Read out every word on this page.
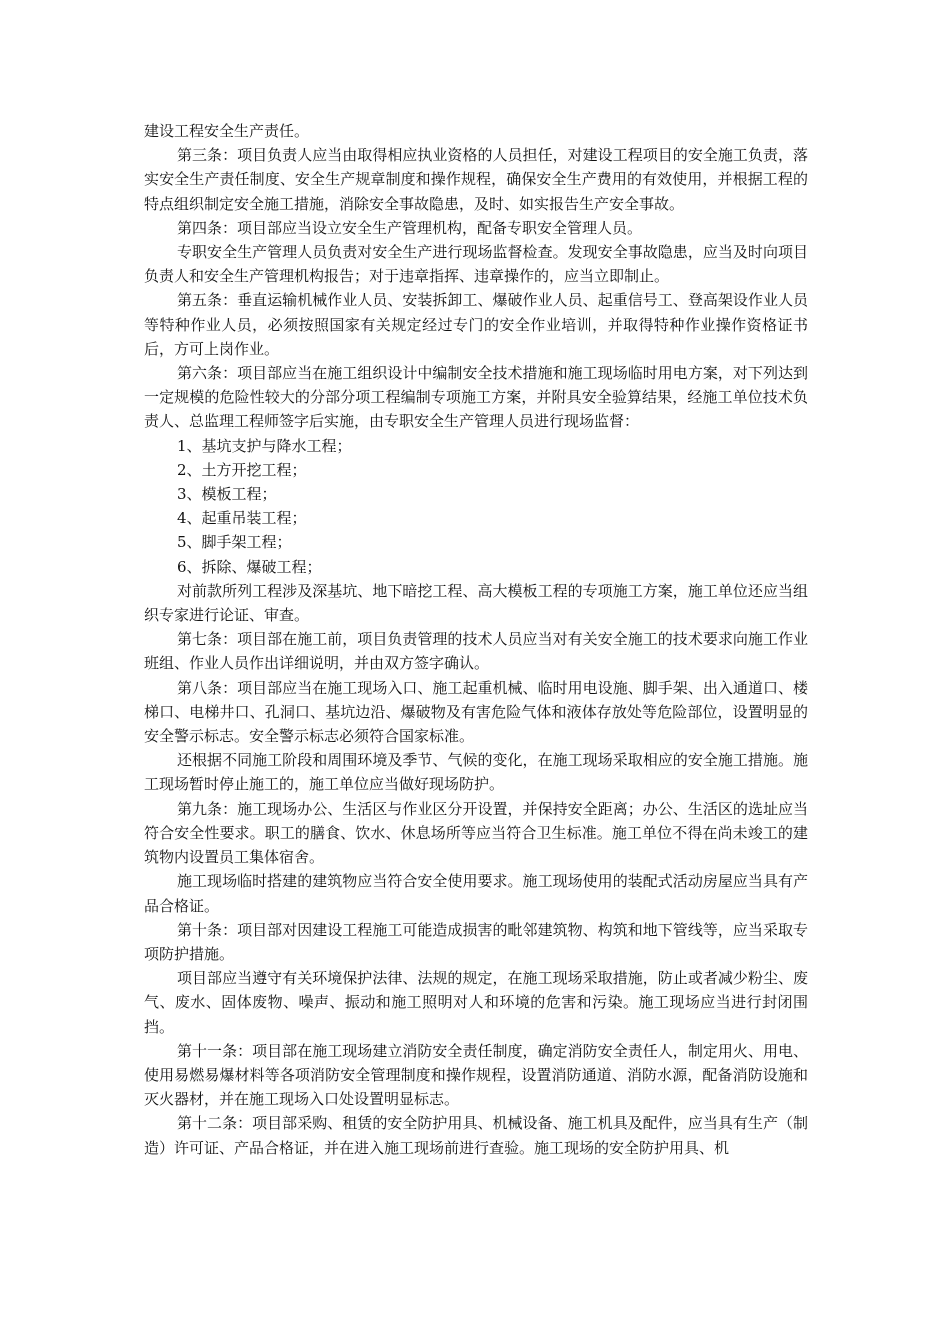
建设工程安全生产责任。

第三条：项目负责人应当由取得相应执业资格的人员担任，对建设工程项目的安全施工负责，落实安全生产责任制度、安全生产规章制度和操作规程，确保安全生产费用的有效使用，并根据工程的特点组织制定安全施工措施，消除安全事故隐患，及时、如实报告生产安全事故。

第四条：项目部应当设立安全生产管理机构，配备专职安全管理人员。

专职安全生产管理人员负责对安全生产进行现场监督检查。发现安全事故隐患，应当及时向项目负责人和安全生产管理机构报告；对于违章指挥、违章操作的，应当立即制止。

第五条：垂直运输机械作业人员、安装拆卸工、爆破作业人员、起重信号工、登高架设作业人员等特种作业人员，必须按照国家有关规定经过专门的安全作业培训，并取得特种作业操作资格证书后，方可上岗作业。

第六条：项目部应当在施工组织设计中编制安全技术措施和施工现场临时用电方案，对下列达到一定规模的危险性较大的分部分项工程编制专项施工方案，并附具安全验算结果，经施工单位技术负责人、总监理工程师签字后实施，由专职安全生产管理人员进行现场监督：

1、基坑支护与降水工程；

2、土方开挖工程；

3、模板工程；

4、起重吊装工程；

5、脚手架工程；

6、拆除、爆破工程；

对前款所列工程涉及深基坑、地下暗挖工程、高大模板工程的专项施工方案，施工单位还应当组织专家进行论证、审查。

第七条：项目部在施工前，项目负责管理的技术人员应当对有关安全施工的技术要求向施工作业班组、作业人员作出详细说明，并由双方签字确认。

第八条：项目部应当在施工现场入口、施工起重机械、临时用电设施、脚手架、出入通道口、楼梯口、电梯井口、孔洞口、基坑边沿、爆破物及有害危险气体和液体存放处等危险部位，设置明显的安全警示标志。安全警示标志必须符合国家标准。

还根据不同施工阶段和周围环境及季节、气候的变化，在施工现场采取相应的安全施工措施。施工现场暂时停止施工的，施工单位应当做好现场防护。

第九条：施工现场办公、生活区与作业区分开设置，并保持安全距离；办公、生活区的选址应当符合安全性要求。职工的膳食、饮水、休息场所等应当符合卫生标准。施工单位不得在尚未竣工的建筑物内设置员工集体宿舍。

施工现场临时搭建的建筑物应当符合安全使用要求。施工现场使用的装配式活动房屋应当具有产品合格证。

第十条：项目部对因建设工程施工可能造成损害的毗邻建筑物、构筑和地下管线等，应当采取专项防护措施。

项目部应当遵守有关环境保护法律、法规的规定，在施工现场采取措施，防止或者减少粉尘、废气、废水、固体废物、噪声、振动和施工照明对人和环境的危害和污染。施工现场应当进行封闭围挡。

第十一条：项目部在施工现场建立消防安全责任制度，确定消防安全责任人，制定用火、用电、使用易燃易爆材料等各项消防安全管理制度和操作规程，设置消防通道、消防水源，配备消防设施和灭火器材，并在施工现场入口处设置明显标志。

第十二条：项目部采购、租赁的安全防护用具、机械设备、施工机具及配件，应当具有生产（制造）许可证、产品合格证，并在进入施工现场前进行查验。施工现场的安全防护用具、机
